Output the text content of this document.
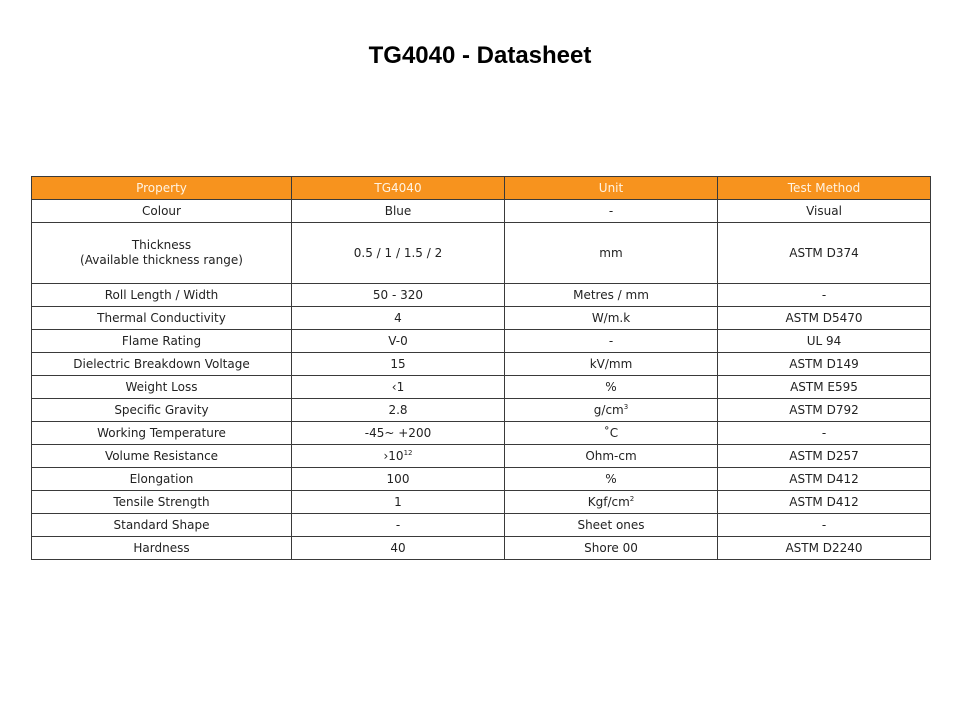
TG4040 - Datasheet
Property	TG4040	Unit	Test Method
Colour	Blue	-	Visual

Thickness
(Available thickness range)	0.5 / 1 / 1.5 / 2	mm	ASTM D374
Roll Length / Width	50 - 320	Metres / mm	-
Thermal Conductivity	4	W/m.k	ASTM D5470
Flame Rating	V-0	-	UL 94
Dielectric Breakdown Voltage	15	kV/mm	ASTM D149
Weight Loss	‹1	%	ASTM E595
Specific Gravity	2.8	$g/cm^3$	ASTM D792
Working Temperature	-45~ +200	˚C	-
Volume Resistance	$›10^{12}$	Ohm-cm	ASTM D257
Elongation	100	%	ASTM D412
Tensile Strength	1	Kgf/$cm^2$	ASTM D412
Standard Shape	-	Sheet ones	-
Hardness	40	Shore 00	ASTM D2240
